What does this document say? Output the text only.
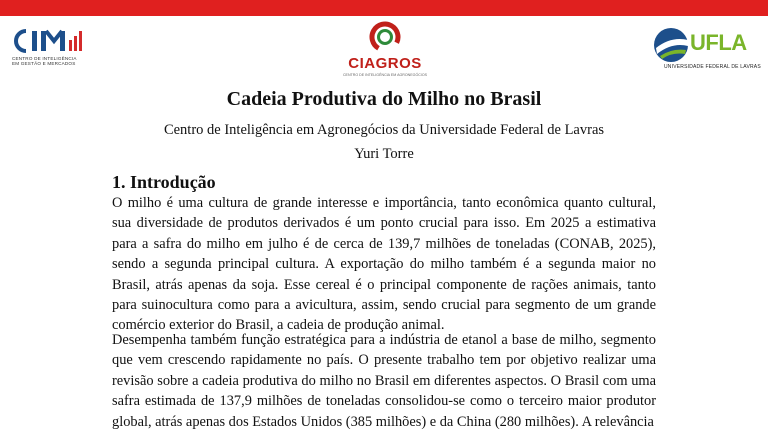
CENTRO DE INTELIGÊNCIA
EM GESTÃO E MERCADOS	CIAGROS
CENTRO DE INTELIGÊNCIA EM AGRONEGÓCIOS
UFLA
UNIVERSIDADE FEDERAL DE LAVRAS
Cadeia Produtiva do Milho no Brasil
Centro de Inteligência em Agronegócios da Universidade Federal de Lavras
Yuri Torre
1. Introdução

O milho é uma cultura de grande interesse e importância, tanto econômica quanto cultural, sua diversidade de produtos derivados é um ponto crucial para isso. Em 2025 a estimativa para a safra do milho em julho é de cerca de 139,7 milhões de toneladas (CONAB, 2025), sendo a segunda principal cultura. A exportação do milho também é a segunda maior no Brasil, atrás apenas da soja. Esse cereal é o principal componente de rações animais, tanto para suinocultura como para a avicultura, assim, sendo crucial para segmento de um grande comércio exterior do Brasil, a cadeia de produção animal.

Desempenha também função estratégica para a indústria de etanol a base de milho, segmento que vem crescendo rapidamente no país. O presente trabalho tem por objetivo realizar uma revisão sobre a cadeia produtiva do milho no Brasil em diferentes aspectos. O Brasil com uma safra estimada de 137,9 milhões de toneladas consolidou-se como o terceiro maior produtor global, atrás apenas dos Estados Unidos (385 milhões) e da China (280 milhões). A relevância
